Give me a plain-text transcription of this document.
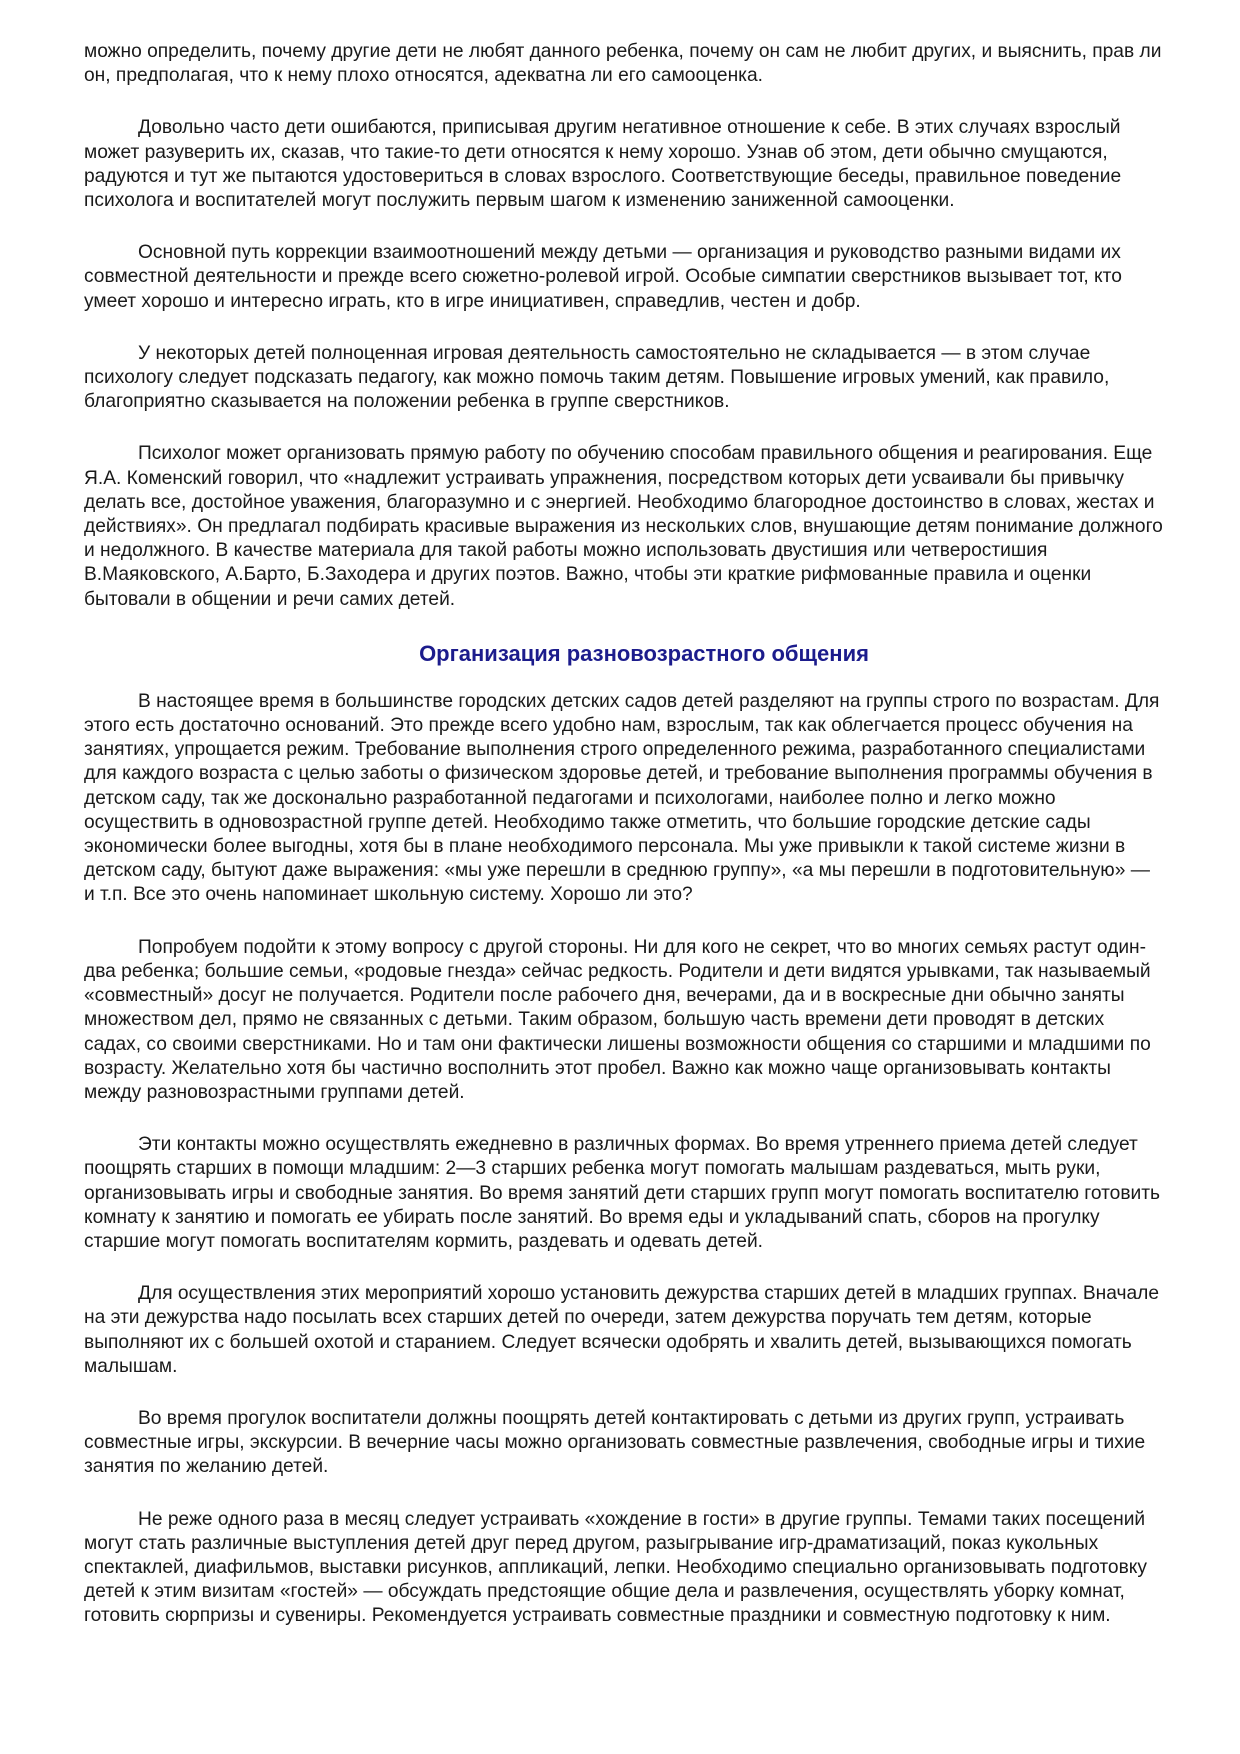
можно определить, почему другие дети не любят данного ребенка, почему он сам не любит других, и выяснить, прав ли он, предполагая, что к нему плохо относятся, адекватна ли его самооценка.

Довольно часто дети ошибаются, приписывая другим негативное отношение к себе. В этих случаях взрослый может разуверить их, сказав, что такие-то дети относятся к нему хорошо. Узнав об этом, дети обычно смущаются, радуются и тут же пытаются удостовериться в словах взрослого. Соответствующие беседы, правильное поведение психолога и воспитателей могут послужить первым шагом к изменению заниженной самооценки.

Основной путь коррекции взаимоотношений между детьми — организация и руководство разными видами их совместной деятельности и прежде всего сюжетно-ролевой игрой. Особые симпатии сверстников вызывает тот, кто умеет хорошо и интересно играть, кто в игре инициативен, справедлив, честен и добр.

У некоторых детей полноценная игровая деятельность самостоятельно не складывается — в этом случае психологу следует подсказать педагогу, как можно помочь таким детям. Повышение игровых умений, как правило, благоприятно сказывается на положении ребенка в группе сверстников.

Психолог может организовать прямую работу по обучению способам правильного общения и реагирования. Еще Я.А. Коменский говорил, что «надлежит устраивать упражнения, посредством которых дети усваивали бы привычку делать все, достойное уважения, благоразумно и с энергией. Необходимо благородное достоинство в словах, жестах и действиях». Он предлагал подбирать красивые выражения из нескольких слов, внушающие детям понимание должного и недолжного. В качестве материала для такой работы можно использовать двустишия или четверостишия В.Маяковского, А.Барто, Б.Заходера и других поэтов. Важно, чтобы эти краткие рифмованные правила и оценки бытовали в общении и речи самих детей.

Организация разновозрастного общения

В настоящее время в большинстве городских детских садов детей разделяют на группы строго по возрастам. Для этого есть достаточно оснований. Это прежде всего удобно нам, взрослым, так как облегчается процесс обучения на занятиях, упрощается режим. Требование выполнения строго определенного режима, разработанного специалистами для каждого возраста с целью заботы о физическом здоровье детей, и требование выполнения программы обучения в детском саду, так же досконально разработанной педагогами и психологами, наиболее полно и легко можно осуществить в одновозрастной группе детей. Необходимо также отметить, что большие городские детские сады экономически более выгодны, хотя бы в плане необходимого персонала. Мы уже привыкли к такой системе жизни в детском саду, бытуют даже выражения: «мы уже перешли в среднюю группу», «а мы перешли в подготовительную» — и т.п. Все это очень напоминает школьную систему. Хорошо ли это?

Попробуем подойти к этому вопросу с другой стороны. Ни для кого не секрет, что во многих семьях растут один-два ребенка; большие семьи, «родовые гнезда» сейчас редкость. Родители и дети видятся урывками, так называемый «совместный» досуг не получается. Родители после рабочего дня, вечерами, да и в воскресные дни обычно заняты множеством дел, прямо не связанных с детьми. Таким образом, большую часть времени дети проводят в детских садах, со своими сверстниками. Но и там они фактически лишены возможности общения со старшими и младшими по возрасту. Желательно хотя бы частично восполнить этот пробел. Важно как можно чаще организовывать контакты между разновозрастными группами детей.

Эти контакты можно осуществлять ежедневно в различных формах. Во время утреннего приема детей следует поощрять старших в помощи младшим: 2—3 старших ребенка могут помогать малышам раздеваться, мыть руки, организовывать игры и свободные занятия. Во время занятий дети старших групп могут помогать воспитателю готовить комнату к занятию и помогать ее убирать после занятий. Во время еды и укладываний спать, сборов на прогулку старшие могут помогать воспитателям кормить, раздевать и одевать детей.

Для осуществления этих мероприятий хорошо установить дежурства старших детей в младших группах. Вначале на эти дежурства надо посылать всех старших детей по очереди, затем дежурства поручать тем детям, которые выполняют их с большей охотой и старанием. Следует всячески одобрять и хвалить детей, вызывающихся помогать малышам.

Во время прогулок воспитатели должны поощрять детей контактировать с детьми из других групп, устраивать совместные игры, экскурсии. В вечерние часы можно организовать совместные развлечения, свободные игры и тихие занятия по желанию детей.

Не реже одного раза в месяц следует устраивать «хождение в гости» в другие группы. Темами таких посещений могут стать различные выступления детей друг перед другом, разыгрывание игр-драматизаций, показ кукольных спектаклей, диафильмов, выставки рисунков, аппликаций, лепки. Необходимо специально организовывать подготовку детей к этим визитам «гостей» — обсуждать предстоящие общие дела и развлечения, осуществлять уборку комнат, готовить сюрпризы и сувениры. Рекомендуется устраивать совместные праздники и совместную подготовку к ним.
